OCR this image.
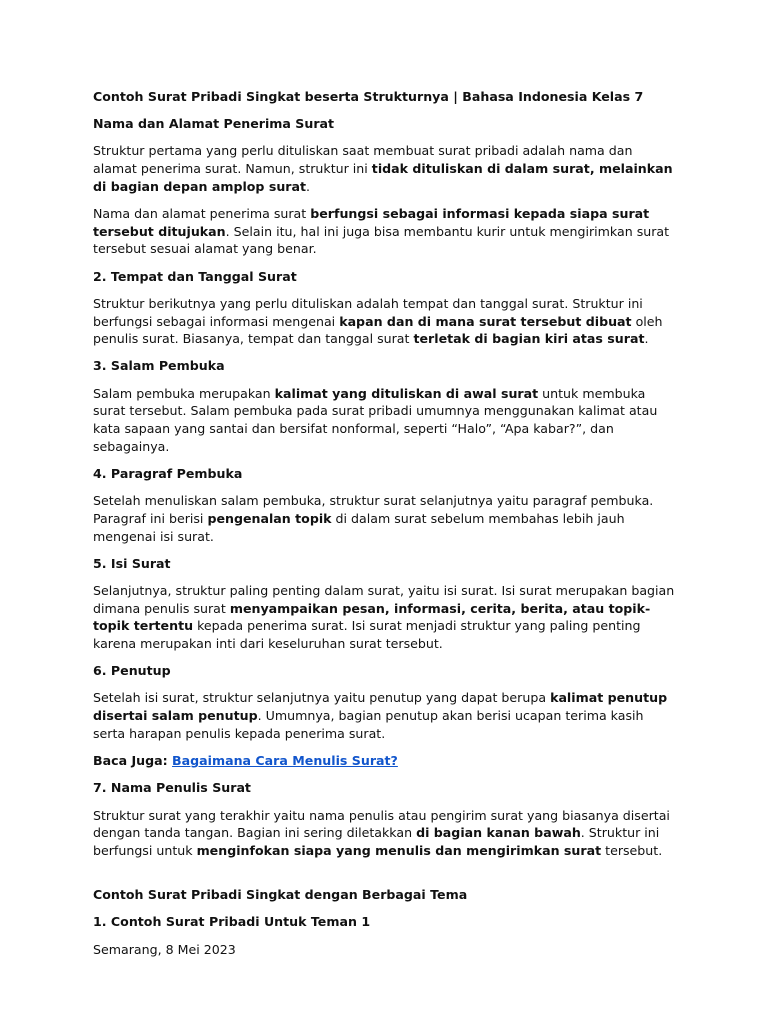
Contoh Surat Pribadi Singkat beserta Strukturnya | Bahasa Indonesia Kelas 7

Nama dan Alamat Penerima Surat

Struktur pertama yang perlu dituliskan saat membuat surat pribadi adalah nama dan alamat penerima surat. Namun, struktur ini tidak dituliskan di dalam surat, melainkan di bagian depan amplop surat.

Nama dan alamat penerima surat berfungsi sebagai informasi kepada siapa surat tersebut ditujukan. Selain itu, hal ini juga bisa membantu kurir untuk mengirimkan surat tersebut sesuai alamat yang benar.

2. Tempat dan Tanggal Surat

Struktur berikutnya yang perlu dituliskan adalah tempat dan tanggal surat. Struktur ini berfungsi sebagai informasi mengenai kapan dan di mana surat tersebut dibuat oleh penulis surat. Biasanya, tempat dan tanggal surat terletak di bagian kiri atas surat.

3. Salam Pembuka

Salam pembuka merupakan kalimat yang dituliskan di awal surat untuk membuka surat tersebut. Salam pembuka pada surat pribadi umumnya menggunakan kalimat atau kata sapaan yang santai dan bersifat nonformal, seperti “Halo”, “Apa kabar?”, dan sebagainya.

4. Paragraf Pembuka

Setelah menuliskan salam pembuka, struktur surat selanjutnya yaitu paragraf pembuka. Paragraf ini berisi pengenalan topik di dalam surat sebelum membahas lebih jauh mengenai isi surat.

5. Isi Surat

Selanjutnya, struktur paling penting dalam surat, yaitu isi surat. Isi surat merupakan bagian dimana penulis surat menyampaikan pesan, informasi, cerita, berita, atau topik-topik tertentu kepada penerima surat. Isi surat menjadi struktur yang paling penting karena merupakan inti dari keseluruhan surat tersebut.

6. Penutup

Setelah isi surat, struktur selanjutnya yaitu penutup yang dapat berupa kalimat penutup disertai salam penutup. Umumnya, bagian penutup akan berisi ucapan terima kasih serta harapan penulis kepada penerima surat.

Baca Juga: Bagaimana Cara Menulis Surat?

7. Nama Penulis Surat

Struktur surat yang terakhir yaitu nama penulis atau pengirim surat yang biasanya disertai dengan tanda tangan. Bagian ini sering diletakkan di bagian kanan bawah. Struktur ini berfungsi untuk menginfokan siapa yang menulis dan mengirimkan surat tersebut.

Contoh Surat Pribadi Singkat dengan Berbagai Tema

1. Contoh Surat Pribadi Untuk Teman 1

Semarang, 8 Mei 2023
